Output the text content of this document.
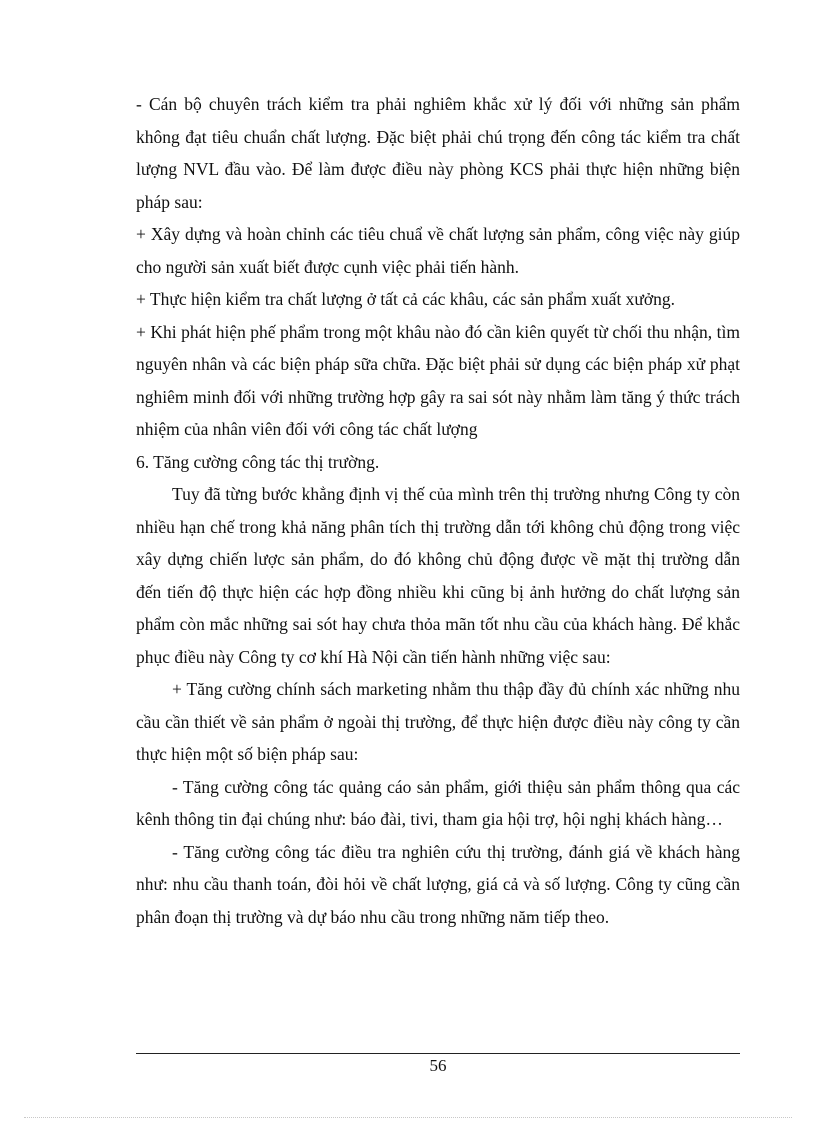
- Cán bộ chuyên trách kiểm tra phải nghiêm khắc xử lý đối với những sản phẩm không đạt tiêu chuẩn chất lượng. Đặc biệt phải chú trọng đến công tác kiểm tra chất lượng NVL đầu vào. Để làm được điều này phòng KCS phải thực hiện những biện pháp sau:

+ Xây dựng và hoàn chỉnh các tiêu chuẩ về chất lượng sản phẩm, công việc này giúp cho người sản xuất biết được cụnh việc phải tiến hành.

+ Thực hiện kiểm tra chất lượng ở tất cả các khâu, các sản phẩm xuất xưởng.

+ Khi phát hiện phế phẩm trong một khâu nào đó cần kiên quyết từ chối thu nhận, tìm nguyên nhân và các biện pháp sữa chữa. Đặc biệt phải sử dụng các biện pháp xử phạt nghiêm minh đối với những trường hợp gây ra sai sót này nhằm làm tăng ý thức trách nhiệm của nhân viên đối với công tác chất lượng

6. Tăng cường công tác thị trường.

Tuy đã từng bước khẳng định vị thế của mình trên thị trường nhưng Công ty còn nhiều hạn chế trong khả năng phân tích thị trường dẫn tới không chủ động trong việc xây dựng chiến lược sản phẩm, do đó không chủ động được về mặt thị trường dẫn đến tiến độ thực hiện các hợp đồng nhiều khi cũng bị ảnh hưởng do chất lượng sản phẩm còn mắc những sai sót hay chưa thỏa mãn tốt nhu cầu của khách hàng. Để khắc phục điều này Công ty cơ khí Hà Nội cần tiến hành những việc sau:

+ Tăng cường chính sách marketing nhằm thu thập đầy đủ chính xác những nhu cầu cần thiết về sản phẩm ở ngoài thị trường, để thực hiện được điều này công ty cần thực hiện một số biện pháp sau:

- Tăng cường công tác quảng cáo sản phẩm, giới thiệu sản phẩm thông qua các kênh thông tin đại chúng như: báo đài, tivi, tham gia hội trợ, hội nghị khách hàng…

- Tăng cường công tác điều tra nghiên cứu thị trường, đánh giá về khách hàng như: nhu cầu thanh toán, đòi hỏi về chất lượng, giá cả và số lượng. Công ty cũng cần phân đoạn thị trường và dự báo nhu cầu trong những năm tiếp theo.

56
